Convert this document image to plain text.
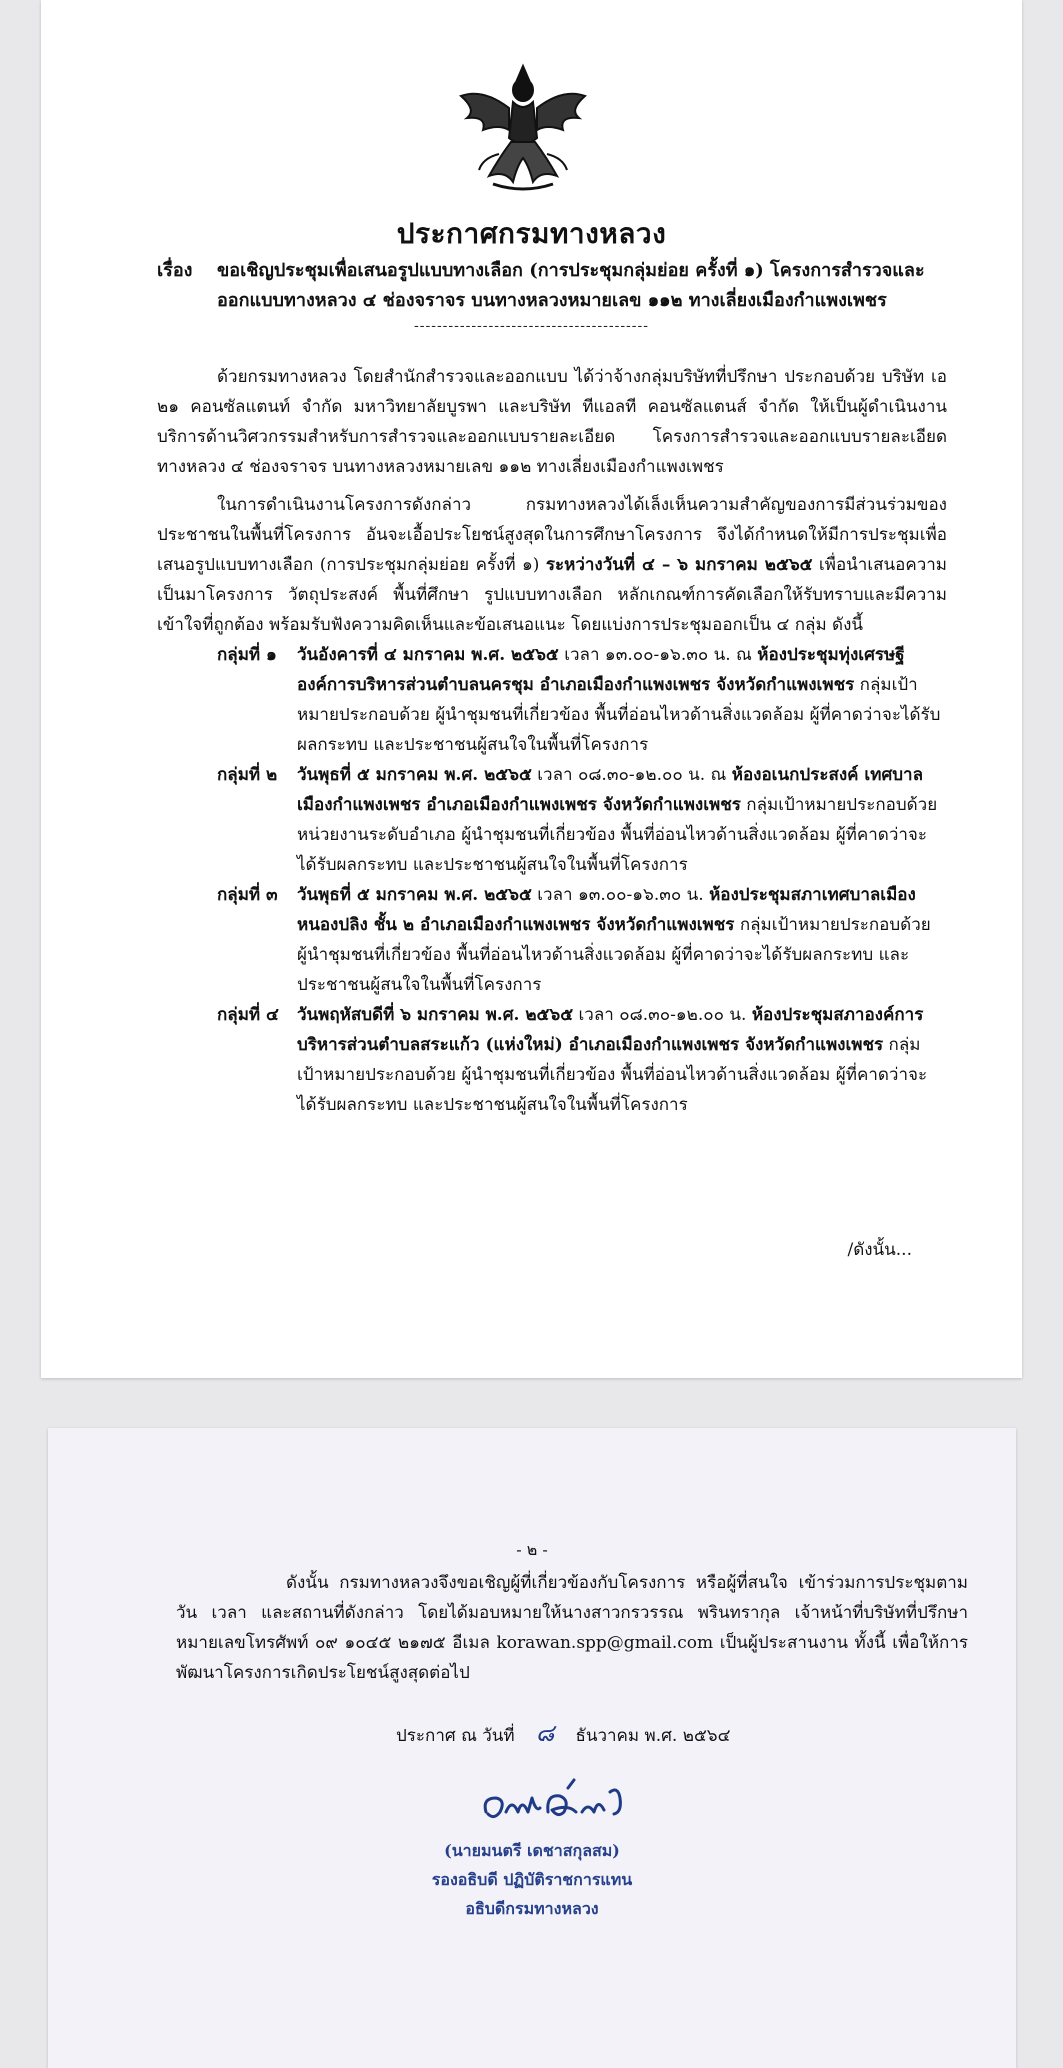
ประกาศกรมทางหลวง
เรื่อง ขอเชิญประชุมเพื่อเสนอรูปแบบทางเลือก (การประชุมกลุ่มย่อย ครั้งที่ ๑) โครงการสำรวจและออกแบบทางหลวง ๔ ช่องจราจร บนทางหลวงหมายเลข ๑๑๒ ทางเลี่ยงเมืองกำแพงเพชร
-----------------------------------------
ด้วยกรมทางหลวง โดยสำนักสำรวจและออกแบบ ได้ว่าจ้างกลุ่มบริษัทที่ปรึกษา ประกอบด้วย บริษัท เอ ๒๑ คอนซัลแตนท์ จำกัด มหาวิทยาลัยบูรพา และบริษัท ทีแอลที คอนซัลแตนส์ จำกัด ให้เป็นผู้ดำเนินงานบริการด้านวิศวกรรมสำหรับการสำรวจและออกแบบรายละเอียด โครงการสำรวจและออกแบบรายละเอียดทางหลวง ๔ ช่องจราจร บนทางหลวงหมายเลข ๑๑๒ ทางเลี่ยงเมืองกำแพงเพชร
ในการดำเนินงานโครงการดังกล่าว กรมทางหลวงได้เล็งเห็นความสำคัญของการมีส่วนร่วมของประชาชนในพื้นที่โครงการ อันจะเอื้อประโยชน์สูงสุดในการศึกษาโครงการ จึงได้กำหนดให้มีการประชุมเพื่อเสนอรูปแบบทางเลือก (การประชุมกลุ่มย่อย ครั้งที่ ๑) ระหว่างวันที่ ๔ – ๖ มกราคม ๒๕๖๕ เพื่อนำเสนอความเป็นมาโครงการ วัตถุประสงค์ พื้นที่ศึกษา รูปแบบทางเลือก หลักเกณฑ์การคัดเลือกให้รับทราบและมีความเข้าใจที่ถูกต้อง พร้อมรับฟังความคิดเห็นและข้อเสนอแนะ โดยแบ่งการประชุมออกเป็น ๔ กลุ่ม ดังนี้
กลุ่มที่ ๑	วันอังคารที่ ๔ มกราคม พ.ศ. ๒๕๖๕ เวลา ๑๓.๐๐-๑๖.๓๐ น. ณ ห้องประชุมทุ่งเศรษฐี องค์การบริหารส่วนตำบลนครชุม อำเภอเมืองกำแพงเพชร จังหวัดกำแพงเพชร กลุ่มเป้าหมายประกอบด้วย ผู้นำชุมชนที่เกี่ยวข้อง พื้นที่อ่อนไหวด้านสิ่งแวดล้อม ผู้ที่คาดว่าจะได้รับผลกระทบ และประชาชนผู้สนใจในพื้นที่โครงการ
กลุ่มที่ ๒	วันพุธที่ ๕ มกราคม พ.ศ. ๒๕๖๕ เวลา ๐๘.๓๐-๑๒.๐๐ น. ณ ห้องอเนกประสงค์ เทศบาลเมืองกำแพงเพชร อำเภอเมืองกำแพงเพชร จังหวัดกำแพงเพชร กลุ่มเป้าหมายประกอบด้วย หน่วยงานระดับอำเภอ ผู้นำชุมชนที่เกี่ยวข้อง พื้นที่อ่อนไหวด้านสิ่งแวดล้อม ผู้ที่คาดว่าจะได้รับผลกระทบ และประชาชนผู้สนใจในพื้นที่โครงการ
กลุ่มที่ ๓	วันพุธที่ ๕ มกราคม พ.ศ. ๒๕๖๕ เวลา ๑๓.๐๐-๑๖.๓๐ น. ห้องประชุมสภาเทศบาลเมืองหนองปลิง ชั้น ๒ อำเภอเมืองกำแพงเพชร จังหวัดกำแพงเพชร กลุ่มเป้าหมายประกอบด้วย ผู้นำชุมชนที่เกี่ยวข้อง พื้นที่อ่อนไหวด้านสิ่งแวดล้อม ผู้ที่คาดว่าจะได้รับผลกระทบ และประชาชนผู้สนใจในพื้นที่โครงการ
กลุ่มที่ ๔	วันพฤหัสบดีที่ ๖ มกราคม พ.ศ. ๒๕๖๕ เวลา ๐๘.๓๐-๑๒.๐๐ น. ห้องประชุมสภาองค์การบริหารส่วนตำบลสระแก้ว (แห่งใหม่) อำเภอเมืองกำแพงเพชร จังหวัดกำแพงเพชร กลุ่มเป้าหมายประกอบด้วย ผู้นำชุมชนที่เกี่ยวข้อง พื้นที่อ่อนไหวด้านสิ่งแวดล้อม ผู้ที่คาดว่าจะได้รับผลกระทบ และประชาชนผู้สนใจในพื้นที่โครงการ
/ดังนั้น...
- ๒ -
ดังนั้น กรมทางหลวงจึงขอเชิญผู้ที่เกี่ยวข้องกับโครงการ หรือผู้ที่สนใจ เข้าร่วมการประชุมตามวัน เวลา และสถานที่ดังกล่าว โดยได้มอบหมายให้นางสาวกรวรรณ พรินทรากุล เจ้าหน้าที่บริษัทที่ปรึกษา หมายเลขโทรศัพท์ ๐๙ ๑๐๔๕ ๒๑๗๕ อีเมล korawan.spp@gmail.com เป็นผู้ประสานงาน ทั้งนี้ เพื่อให้การพัฒนาโครงการเกิดประโยชน์สูงสุดต่อไป
ประกาศ ณ วันที่ ๘ ธันวาคม พ.ศ. ๒๕๖๔
(นายมนตรี เดชาสกุลสม)
รองอธิบดี ปฏิบัติราชการแทน
อธิบดีกรมทางหลวง
